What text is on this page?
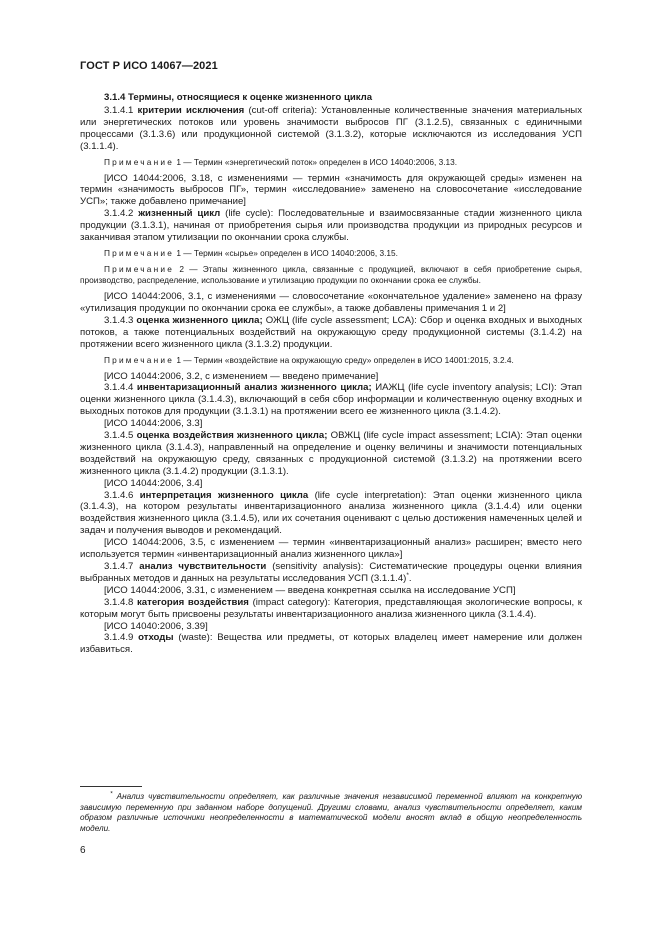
ГОСТ Р ИСО 14067—2021

3.1.4 Термины, относящиеся к оценке жизненного цикла

3.1.4.1 критерии исключения (cut-off criteria): Установленные количественные значения материальных или энергетических потоков или уровень значимости выбросов ПГ (3.1.2.5), связанных с единичными процессами (3.1.3.6) или продукционной системой (3.1.3.2), которые исключаются из исследования УСП (3.1.1.4).

Примечание 1 — Термин «энергетический поток» определен в ИСО 14040:2006, 3.13.

[ИСО 14044:2006, 3.18, с изменениями — термин «значимость для окружающей среды» изменен на термин «значимость выбросов ПГ», термин «исследование» заменено на словосочетание «исследование УСП»; также добавлено примечание]

3.1.4.2 жизненный цикл (life cycle): Последовательные и взаимосвязанные стадии жизненного цикла продукции (3.1.3.1), начиная от приобретения сырья или производства продукции из природных ресурсов и заканчивая этапом утилизации по окончании срока службы.

Примечание 1 — Термин «сырье» определен в ИСО 14040:2006, 3.15.

Примечание 2 — Этапы жизненного цикла, связанные с продукцией, включают в себя приобретение сырья, производство, распределение, использование и утилизацию продукции по окончании срока ее службы.

[ИСО 14044:2006, 3.1, с изменениями — словосочетание «окончательное удаление» заменено на фразу «утилизация продукции по окончании срока ее службы», а также добавлены примечания 1 и 2]

3.1.4.3 оценка жизненного цикла; ОЖЦ (life cycle assessment; LCA): Сбор и оценка входных и выходных потоков, а также потенциальных воздействий на окружающую среду продукционной системы (3.1.4.2) на протяжении всего жизненного цикла (3.1.3.2) продукции.

Примечание 1 — Термин «воздействие на окружающую среду» определен в ИСО 14001:2015, 3.2.4.

[ИСО 14044:2006, 3.2, с изменением — введено примечание]

3.1.4.4 инвентаризационный анализ жизненного цикла; ИАЖЦ (life cycle inventory analysis; LCI): Этап оценки жизненного цикла (3.1.4.3), включающий в себя сбор информации и количественную оценку входных и выходных потоков для продукции (3.1.3.1) на протяжении всего ее жизненного цикла (3.1.4.2).

[ИСО 14044:2006, 3.3]

3.1.4.5 оценка воздействия жизненного цикла; ОВЖЦ (life cycle impact assessment; LCIA): Этап оценки жизненного цикла (3.1.4.3), направленный на определение и оценку величины и значимости потенциальных воздействий на окружающую среду, связанных с продукционной системой (3.1.3.2) на протяжении всего жизненного цикла (3.1.4.2) продукции (3.1.3.1).

[ИСО 14044:2006, 3.4]

3.1.4.6 интерпретация жизненного цикла (life cycle interpretation): Этап оценки жизненного цикла (3.1.4.3), на котором результаты инвентаризационного анализа жизненного цикла (3.1.4.4) или оценки воздействия жизненного цикла (3.1.4.5), или их сочетания оценивают с целью достижения намеченных целей и задач и получения выводов и рекомендаций.

[ИСО 14044:2006, 3.5, с изменением — термин «инвентаризационный анализ» расширен; вместо него используется термин «инвентаризационный анализ жизненного цикла»]

3.1.4.7 анализ чувствительности (sensitivity analysis): Систематические процедуры оценки влияния выбранных методов и данных на результаты исследования УСП (3.1.1.4)*.

[ИСО 14044:2006, 3.31, с изменением — введена конкретная ссылка на исследование УСП]

3.1.4.8 категория воздействия (impact category): Категория, представляющая экологические вопросы, к которым могут быть присвоены результаты инвентаризационного анализа жизненного цикла (3.1.4.4).

[ИСО 14040:2006, 3.39]

3.1.4.9 отходы (waste): Вещества или предметы, от которых владелец имеет намерение или должен избавиться.

* Анализ чувствительности определяет, как различные значения независимой переменной влияют на конкретную зависимую переменную при заданном наборе допущений. Другими словами, анализ чувствительности определяет, каким образом различные источники неопределенности в математической модели вносят вклад в общую неопределенность модели.

6
